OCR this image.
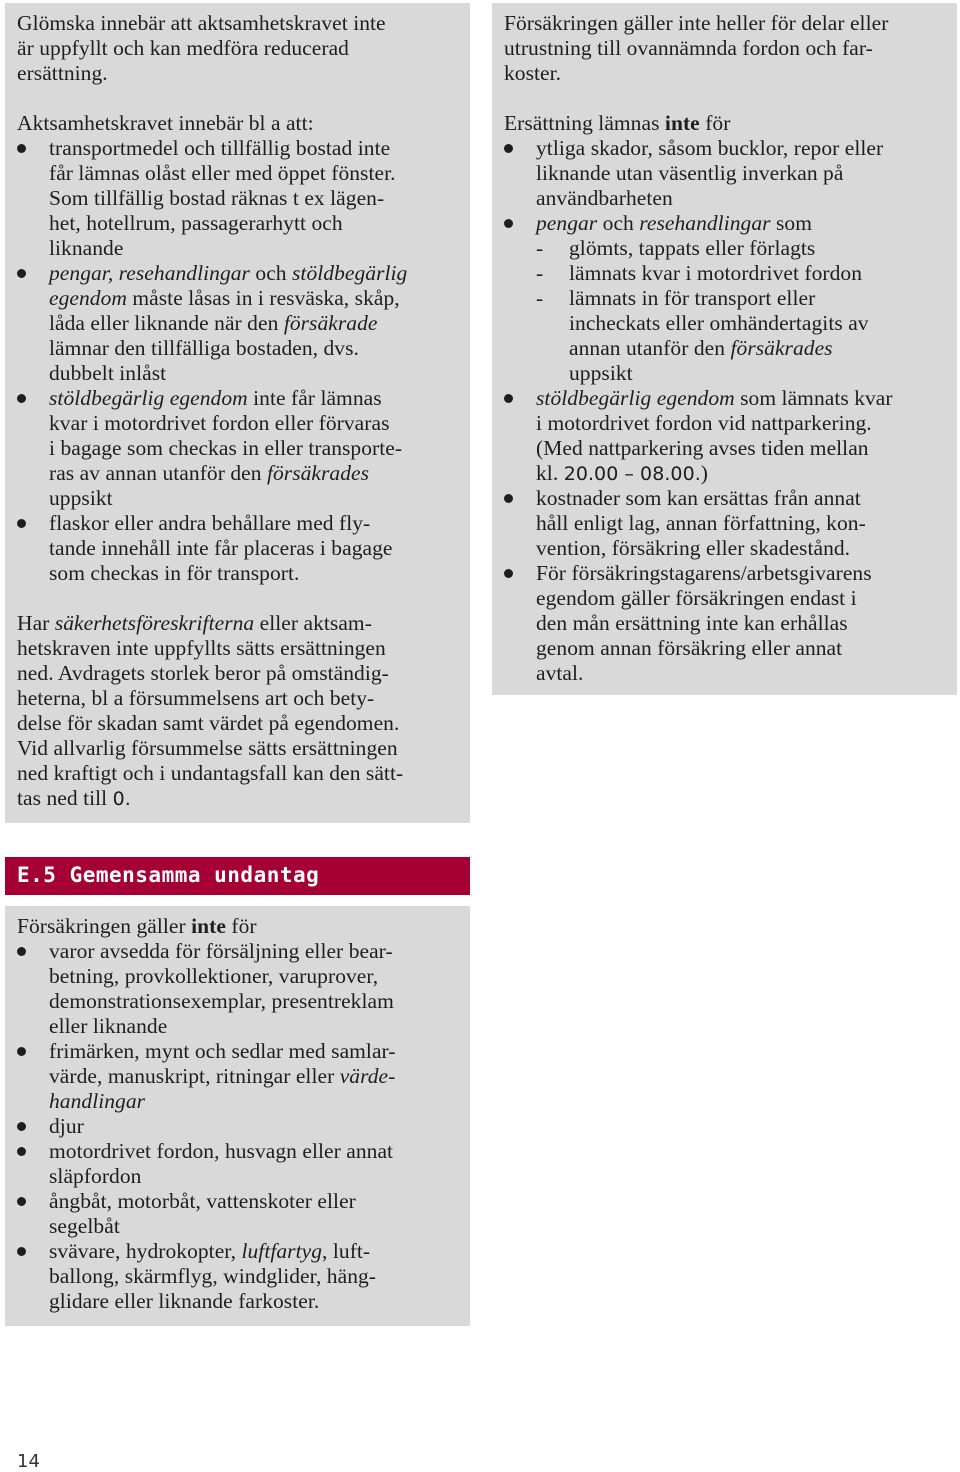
Glömska innebär att aktsamhetskravet inte
är uppfyllt och kan medföra reducerad
ersättning.
Aktsamhetskravet innebär bl a att:
transportmedel och tillfällig bostad inte
får lämnas olåst eller med öppet fönster.
Som tillfällig bostad räknas t ex lägen-
het, hotellrum, passagerarhytt och
liknande
pengar, resehandlingar och stöldbegärlig
egendom måste låsas in i resväska, skåp,
låda eller liknande när den försäkrade
lämnar den tillfälliga bostaden, dvs.
dubbelt inlåst
stöldbegärlig egendom inte får lämnas
kvar i motordrivet fordon eller förvaras
i bagage som checkas in eller transporte-
ras av annan utanför den försäkrades
uppsikt
flaskor eller andra behållare med fly-
tande innehåll inte får placeras i bagage
som checkas in för transport.
Har säkerhetsföreskrifterna eller aktsam-
hetskraven inte uppfyllts sätts ersättningen
ned. Avdragets storlek beror på omständig-
heterna, bl a försummelsens art och bety-
delse för skadan samt värdet på egendomen.
Vid allvarlig försummelse sätts ersättningen
ned kraftigt och i undantagsfall kan den sätt-
tas ned till 0.
Försäkringen gäller inte heller för delar eller
utrustning till ovannämnda fordon och far-
koster.
Ersättning lämnas inte för
ytliga skador, såsom bucklor, repor eller
liknande utan väsentlig inverkan på
användbarheten
pengar och resehandlingar som
- glömts, tappats eller förlagts
- lämnats kvar i motordrivet fordon
- lämnats in för transport eller
incheckats eller omhändertagits av
annan utanför den försäkrades
uppsikt
stöldbegärlig egendom som lämnats kvar
i motordrivet fordon vid nattparkering.
(Med nattparkering avses tiden mellan
kl. 20.00 – 08.00.)
kostnader som kan ersättas från annat
håll enligt lag, annan författning, kon-
vention, försäkring eller skadestånd.
För försäkringstagarens/arbetsgivarens
egendom gäller försäkringen endast i
den mån ersättning inte kan erhållas
genom annan försäkring eller annat
avtal.
E.5 Gemensamma undantag
Försäkringen gäller inte för
varor avsedda för försäljning eller bear-
betning, provkollektioner, varuprover,
demonstrationsexemplar, presentreklam
eller liknande
frimärken, mynt och sedlar med samlar-
värde, manuskript, ritningar eller värde-
handlingar
djur
motordrivet fordon, husvagn eller annat
släpfordon
ångbåt, motorbåt, vattenskoter eller
segelbåt
svävare, hydrokopter, luftfartyg, luft-
ballong, skärmflyg, windglider, häng-
glidare eller liknande farkoster.
14
